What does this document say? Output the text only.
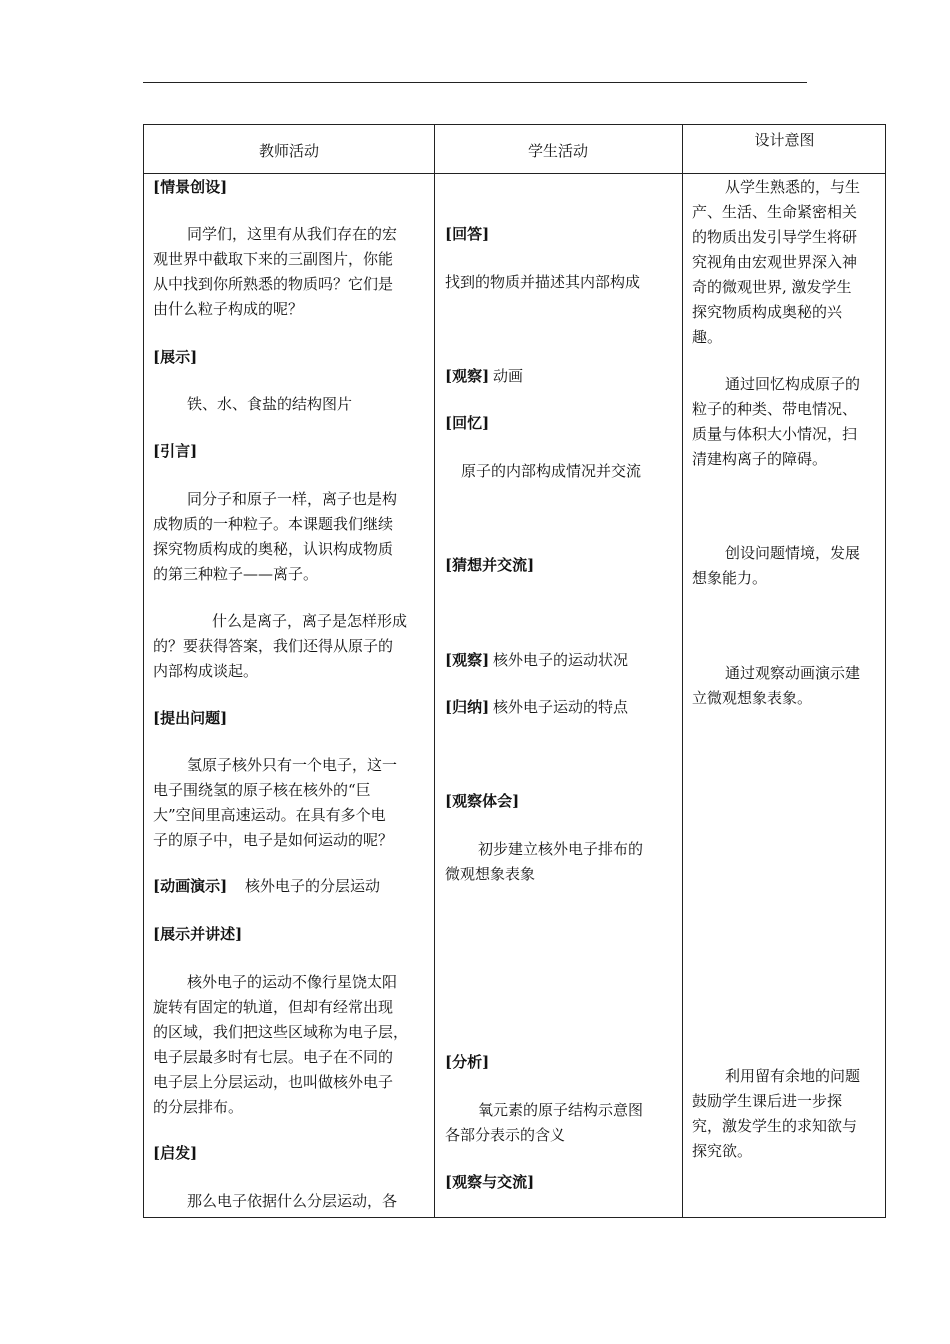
教师活动	学生活动
设计意图
[情景创设]
同学们，这里有从我们存在的宏
观世界中截取下来的三副图片，你能
从中找到你所熟悉的物质吗？它们是
由什么粒子构成的呢？
[展示]
铁、水、食盐的结构图片
[引言]
同分子和原子一样，离子也是构
成物质的一种粒子。本课题我们继续
探究物质构成的奥秘，认识构成物质
的第三种粒子——离子。
什么是离子，离子是怎样形成
的？要获得答案，我们还得从原子的
内部构成谈起。
[提出问题]
氢原子核外只有一个电子，这一
电子围绕氢的原子核在核外的“巨
大”空间里高速运动。在具有多个电
子的原子中，电子是如何运动的呢？
[动画演示] 核外电子的分层运动
[展示并讲述]
核外电子的运动不像行星饶太阳
旋转有固定的轨道，但却有经常出现
的区域，我们把这些区域称为电子层，
电子层最多时有七层。电子在不同的
电子层上分层运动，也叫做核外电子
的分层排布。
[启发]
那么电子依据什么分层运动，各
[回答]
找到的物质并描述其内部构成
[观察] 动画
[回忆]
原子的内部构成情况并交流
[猜想并交流]
[观察] 核外电子的运动状况
[归纳] 核外电子运动的特点
[观察体会]
初步建立核外电子排布的
微观想象表象
[分析]
氧元素的原子结构示意图
各部分表示的含义
[观察与交流]
从学生熟悉的，与生
产、生活、生命紧密相关
的物质出发引导学生将研
究视角由宏观世界深入神
奇的微观世界, 激发学生
探究物质构成奥秘的兴
趣。
通过回忆构成原子的
粒子的种类、带电情况、
质量与体积大小情况，扫
清建构离子的障碍。
创设问题情境，发展
想象能力。
通过观察动画演示建
立微观想象表象。
利用留有余地的问题
鼓励学生课后进一步探
究，激发学生的求知欲与
探究欲。
